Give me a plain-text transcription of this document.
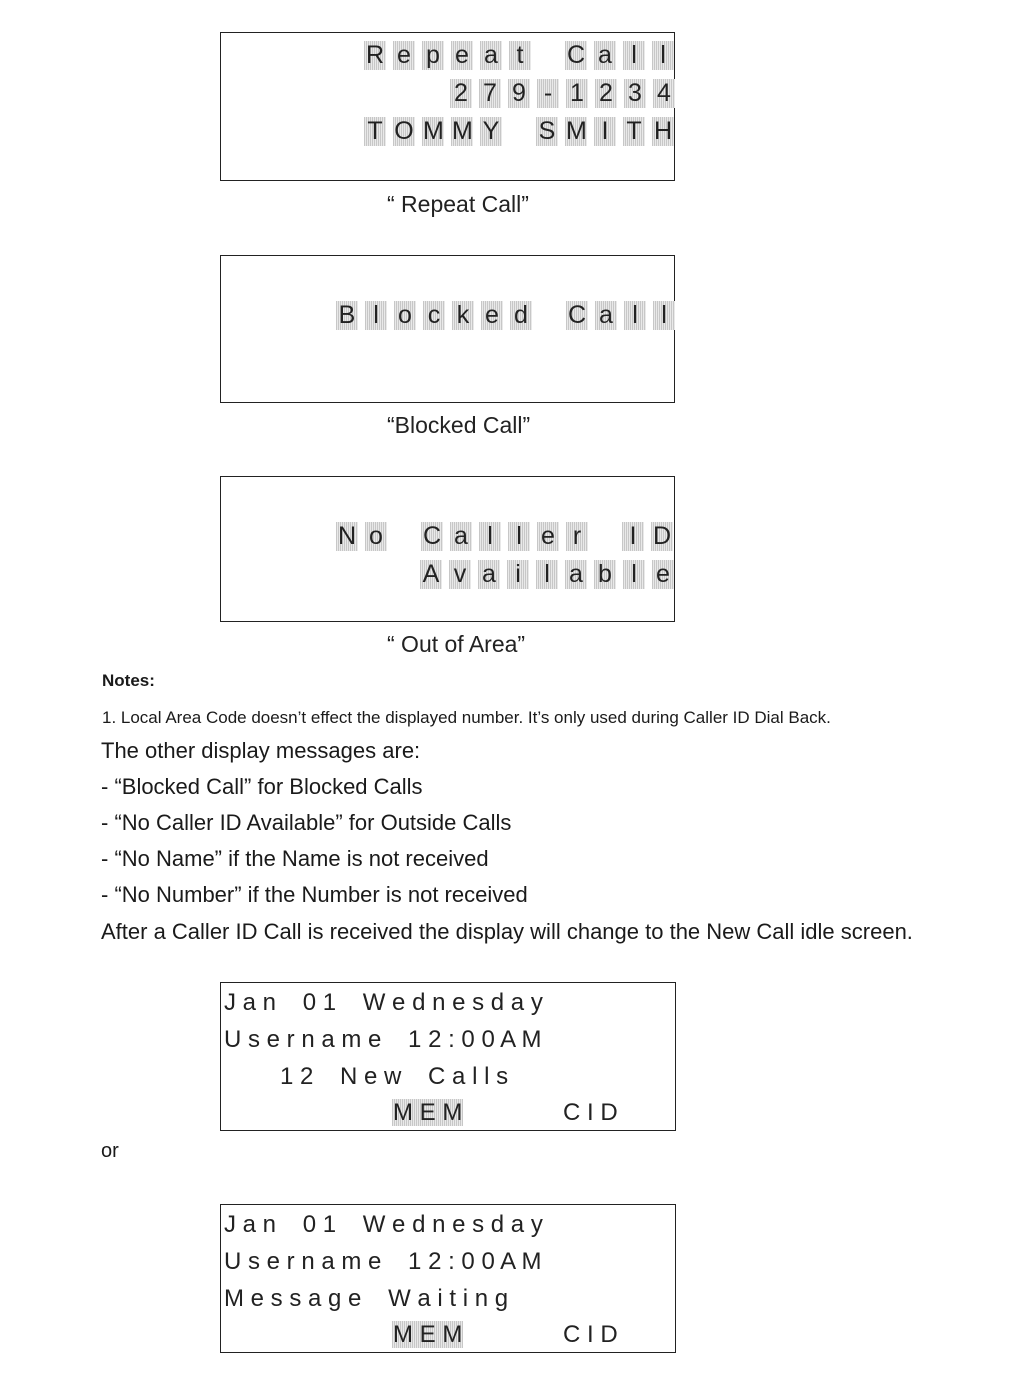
R e p e a t C a l l
2 7 9 - 1 2 3 4
T O M M Y S M I T H
“ Repeat Call”
B l o c k e d C a l l
“Blocked Call”
N o C a l l e r I D
A v a i l a b l e
“ Out of Area”
Notes:
1. Local Area Code doesn’t effect the displayed number. It’s only used during Caller ID Dial Back.
The other display messages are:
- “Blocked Call” for Blocked Calls
- “No Caller ID Available” for Outside Calls
- “No Name” if the Name is not received
- “No Number” if the Number is not received
After a Caller ID Call is received the display will change to the New Call idle screen.
J a n    0 1    W e d n e s d a y
U s e r n a m e    1 2 : 0 0 A M
1 2    N e w    C a l l s
M E M	C I D
or
J a n    0 1    W e d n e s d a y
U s e r n a m e    1 2 : 0 0 A M
M e s s a g e    W a i t i n g
M E M	C I D
